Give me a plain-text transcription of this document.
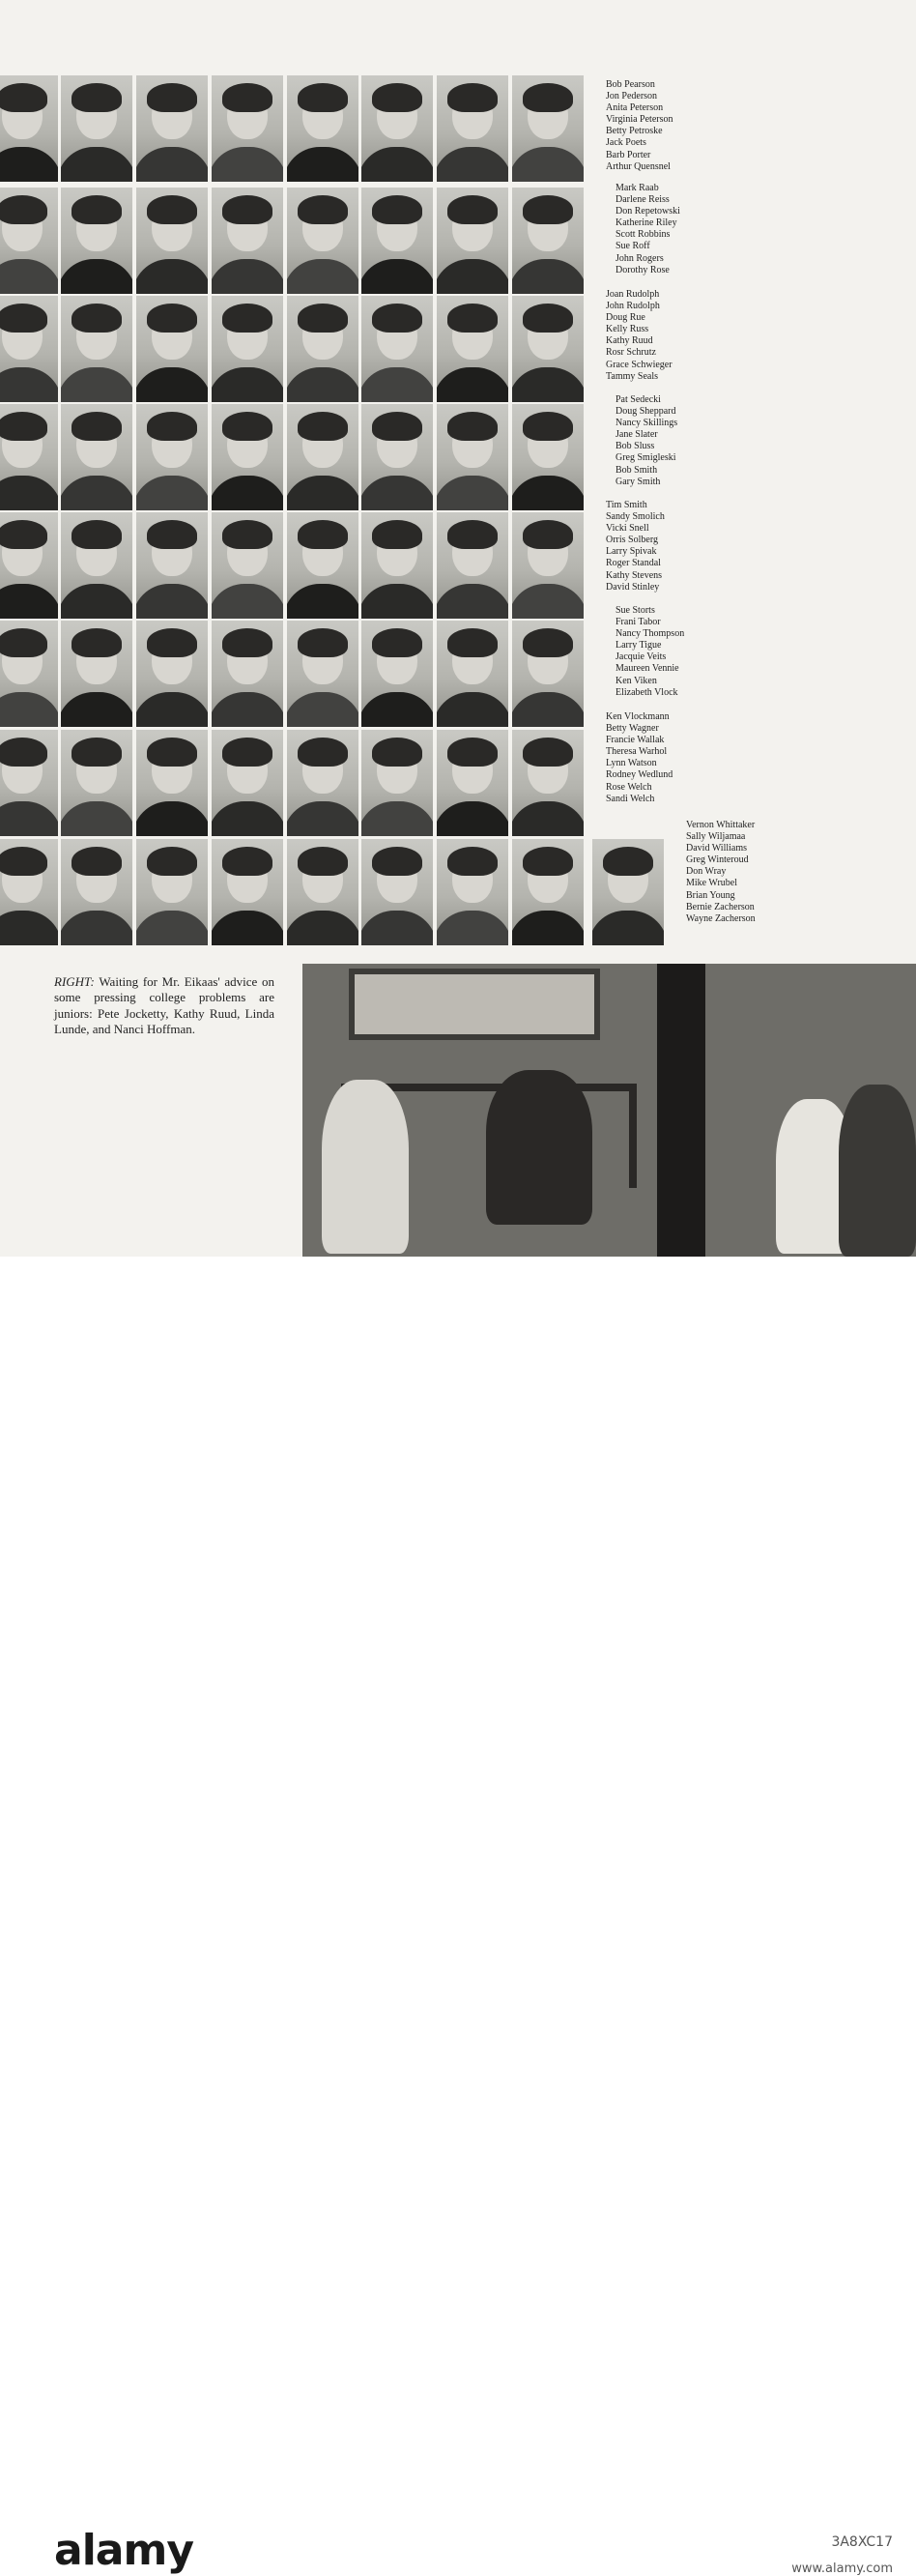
Bob Pearson
Jon Pederson
Anita Peterson
Virginia Peterson
Betty Petroske
Jack Poets
Barb Porter
Arthur Quensnel
Mark Raab
Darlene Reiss
Don Repetowski
Katherine Riley
Scott Robbins
Sue Roff
John Rogers
Dorothy Rose
Joan Rudolph
John Rudolph
Doug Rue
Kelly Russ
Kathy Ruud
Rosr Schrutz
Grace Schwieger
Tammy Seals
Pat Sedecki
Doug Sheppard
Nancy Skillings
Jane Slater
Bob Sluss
Greg Smigleski
Bob Smith
Gary Smith
Tim Smith
Sandy Smolich
Vicki Snell
Orris Solberg
Larry Spivak
Roger Standal
Kathy Stevens
David Stinley
Sue Storts
Frani Tabor
Nancy Thompson
Larry Tigue
Jacquie Veits
Maureen Vennie
Ken Viken
Elizabeth Vlock
Ken Vlockmann
Betty Wagner
Francie Wallak
Theresa Warhol
Lynn Watson
Rodney Wedlund
Rose Welch
Sandi Welch
Vernon Whittaker
Sally Wiljamaa
David Williams
Greg Winteroud
Don Wray
Mike Wrubel
Brian Young
Bernie Zacherson
Wayne Zacherson
RIGHT: Waiting for Mr. Eikaas' advice on some pressing college problems are juniors: Pete Jocketty, Kathy Ruud, Linda Lunde, and Nanci Hoffman.
alamy	3A8XC17
www.alamy.com
